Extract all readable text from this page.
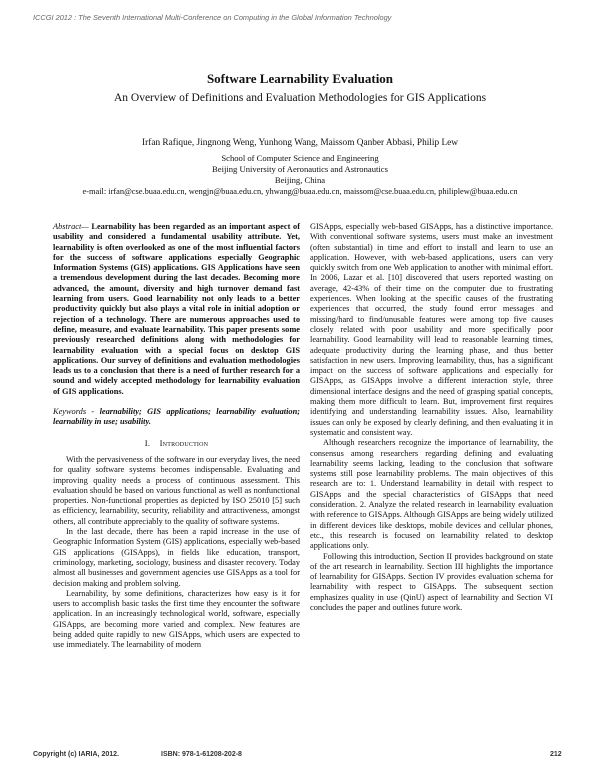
ICCGI 2012 : The Seventh International Multi-Conference on Computing in the Global Information Technology
Software Learnability Evaluation
An Overview of Definitions and Evaluation Methodologies for GIS Applications
Irfan Rafique, Jingnong Weng, Yunhong Wang, Maissom Qanber Abbasi, Philip Lew
School of Computer Science and Engineering
Beijing University of Aeronautics and Astronautics
Beijing, China
e-mail: irfan@cse.buaa.edu.cn, wengjn@buaa.edu.cn, yhwang@buaa.edu.cn, maissom@cse.buaa.edu.cn, philiplew@buaa.edu.cn

Abstract— Learnability has been regarded as an important aspect of usability and considered a fundamental usability attribute. Yet, learnability is often overlooked as one of the most influential factors for the success of software applications especially Geographic Information Systems (GIS) applications. GIS Applications have seen a tremendous development during the last decades. Becoming more advanced, the amount, diversity and high turnover demand fast learning from users. Good learnability not only leads to a better productivity quickly but also plays a vital role in initial adoption or rejection of a technology. There are numerous approaches used to define, measure, and evaluate learnability. This paper presents some previously researched definitions along with methodologies for learnability evaluation with a special focus on desktop GIS applications. Our survey of definitions and evaluation methodologies leads us to a conclusion that there is a need of further research for a sound and widely accepted methodology for learnability evaluation of GIS applications.

Keywords - learnability; GIS applications; learnability evaluation; learnability in use; usability.

I. Introduction

With the pervasiveness of the software in our everyday lives, the need for quality software systems becomes indispensable. Evaluating and improving quality needs a process of continuous assessment. This evaluation should be based on various functional as well as nonfunctional properties. Non-functional properties as depicted by ISO 25010 [5] such as efficiency, learnability, security, reliability and attractiveness, amongst others, all contribute appreciably to the quality of software systems.

In the last decade, there has been a rapid increase in the use of Geographic Information System (GIS) applications, especially web-based GIS applications (GISApps), in fields like education, transport, criminology, marketing, sociology, business and disaster recovery. Today almost all businesses and government agencies use GISApps as a tool for decision making and problem solving.

Learnability, by some definitions, characterizes how easy is it for users to accomplish basic tasks the first time they encounter the software application. In an increasingly technological world, software, especially GISApps, are becoming more varied and complex. New features are being added quite rapidly to new GISApps, which users are expected to use immediately. The learnability of modern

GISApps, especially web-based GISApps, has a distinctive importance. With conventional software systems, users must make an investment (often substantial) in time and effort to install and learn to use an application. However, with web-based applications, users can very quickly switch from one Web application to another with minimal effort. In 2006, Lazar et al. [10] discovered that users reported wasting on average, 42-43% of their time on the computer due to frustrating experiences. When looking at the specific causes of the frustrating experiences that occurred, the study found error messages and missing/hard to find/unusable features were among top five causes closely related with poor usability and more specifically poor learnability. Good learnability will lead to reasonable learning times, adequate productivity during the learning phase, and thus better satisfaction in new users. Improving learnability, thus, has a significant impact on the success of software applications and especially for GISApps, as GISApps involve a different interaction style, three dimensional interface designs and the need of grasping spatial concepts, making them more difficult to learn. But, improvement first requires identifying and understanding learnability issues. Also, learnability issues can only be exposed by clearly defining, and then evaluating it in systematic and consistent way.

Although researchers recognize the importance of learnability, the consensus among researchers regarding defining and evaluating learnability seems lacking, leading to the conclusion that software systems still pose learnability problems. The main objectives of this research are to: 1. Understand learnability in detail with respect to GISApps and the special characteristics of GISApps that need consideration. 2. Analyze the related research in learnability evaluation with reference to GISApps. Although GISApps are being widely utilized in different devices like desktops, mobile devices and cellular phones, etc., this research is focused on learnability related to desktop applications only.

Following this introduction, Section II provides background on state of the art research in learnability. Section III highlights the importance of learnability for GISApps. Section IV provides evaluation schema for learnability with respect to GISApps. The subsequent section emphasizes quality in use (QinU) aspect of learnability and Section VI concludes the paper and outlines future work.

Copyright (c) IARIA, 2012.	ISBN: 978-1-61208-202-8	212
